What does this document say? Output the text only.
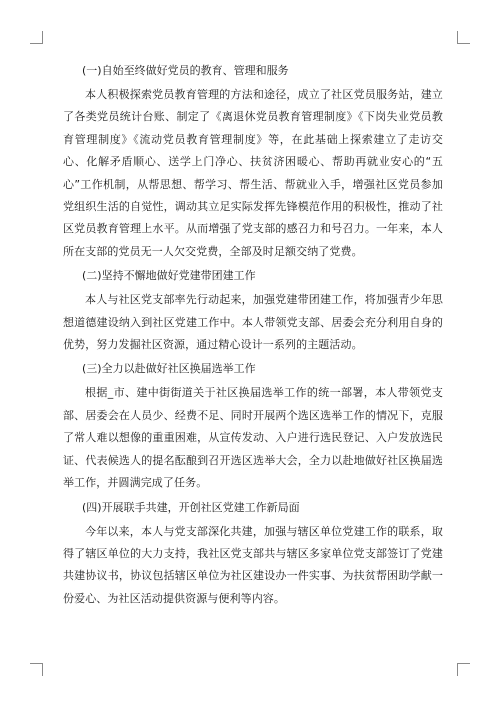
(一)自始至终做好党员的教育、管理和服务

本人积极探索党员教育管理的方法和途径，成立了社区党员服务站，建立了各类党员统计台账、制定了《离退休党员教育管理制度》《下岗失业党员教育管理制度》《流动党员教育管理制度》等，在此基础上探索建立了走访交心、化解矛盾顺心、送学上门净心、扶贫济困暖心、帮助再就业安心的“五心”工作机制，从帮思想、帮学习、帮生活、帮就业入手，增强社区党员参加党组织生活的自觉性，调动其立足实际发挥先锋模范作用的积极性，推动了社区党员教育管理上水平。从而增强了党支部的感召力和号召力。一年来，本人所在支部的党员无一人欠交党费，全部及时足额交纳了党费。

(二)坚持不懈地做好党建带团建工作

本人与社区党支部率先行动起来，加强党建带团建工作，将加强青少年思想道德建设纳入到社区党建工作中。本人带领党支部、居委会充分利用自身的优势，努力发掘社区资源，通过精心设计一系列的主题活动。

(三)全力以赴做好社区换届选举工作

根据_市、建中街街道关于社区换届选举工作的统一部署，本人带领党支部、居委会在人员少、经费不足、同时开展两个选区选举工作的情况下，克服了常人难以想像的重重困难，从宣传发动、入户进行选民登记、入户发放选民证、代表候选人的提名酝酿到召开选区选举大会，全力以赴地做好社区换届选举工作，并圆满完成了任务。

(四)开展联手共建，开创社区党建工作新局面

今年以来，本人与党支部深化共建，加强与辖区单位党建工作的联系，取得了辖区单位的大力支持，我社区党支部共与辖区多家单位党支部签订了党建共建协议书，协议包括辖区单位为社区建设办一件实事、为扶贫帮困助学献一份爱心、为社区活动提供资源与便利等内容。
